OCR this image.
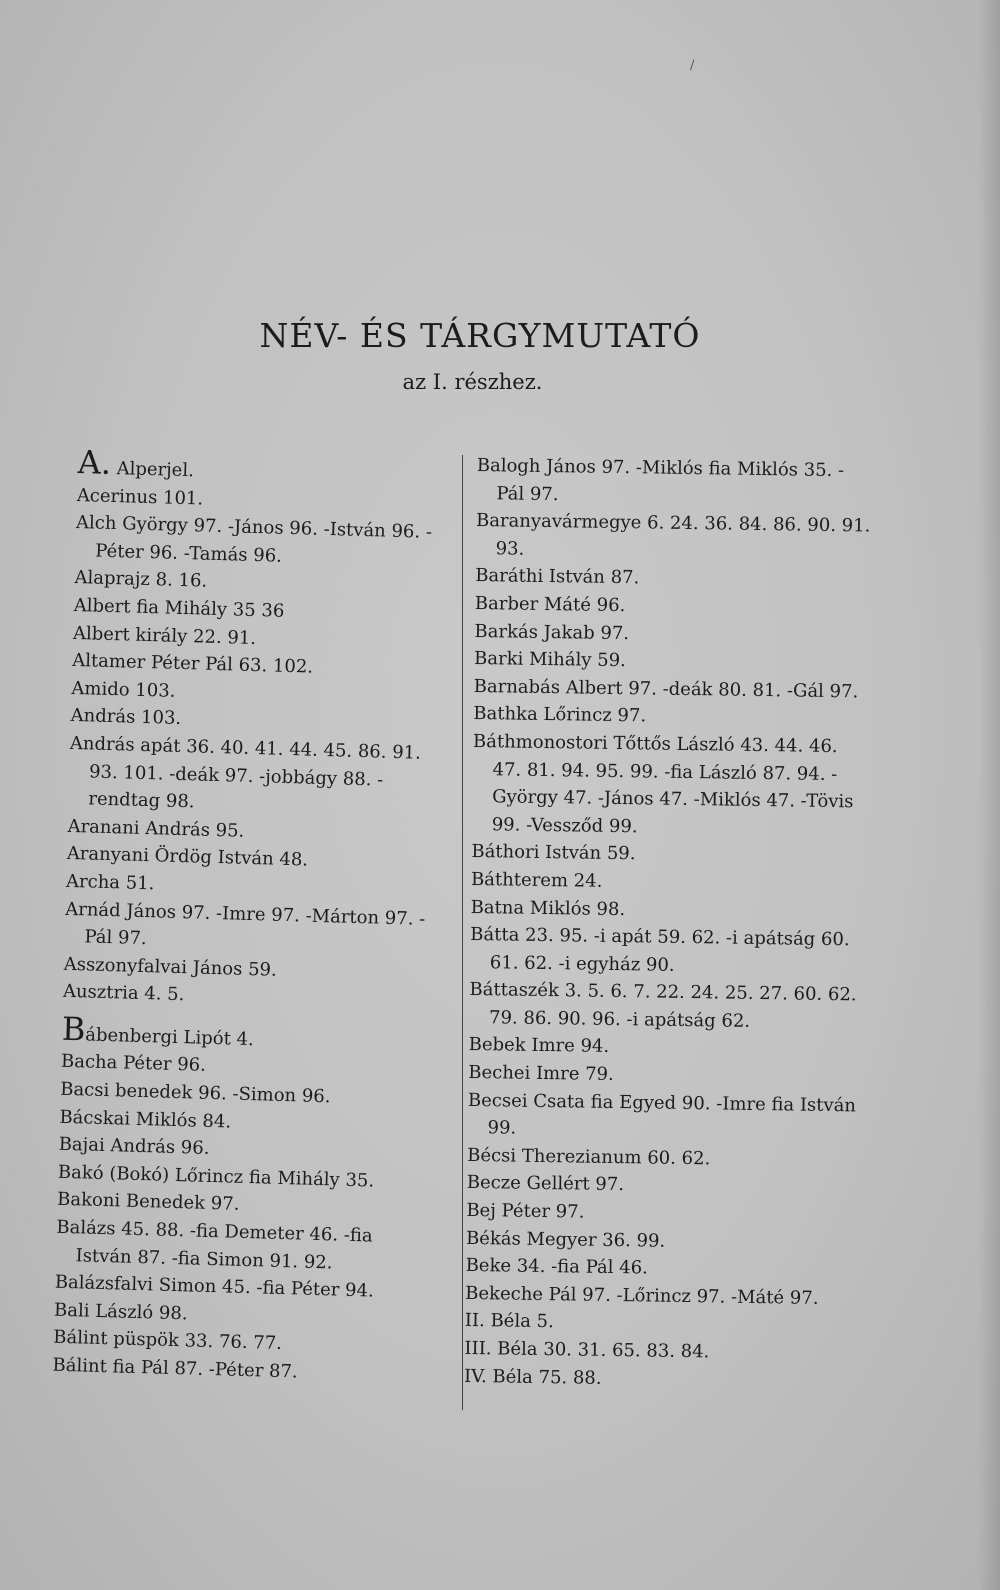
/
NÉV- ÉS TÁRGYMUTATÓ
az I. részhez.
A. Alperjel.
Acerinus 101.
Alch György 97. -János 96. -István 96. -Péter 96. -Tamás 96.
Alaprajz 8. 16.
Albert fia Mihály 35 36
Albert király 22. 91.
Altamer Péter Pál 63. 102.
Amido 103.
András 103.
András apát 36. 40. 41. 44. 45. 86. 91. 93. 101. -deák 97. -jobbágy 88. -rendtag 98.
Aranani András 95.
Aranyani Ördög István 48.
Archa 51.
Arnád János 97. -Imre 97. -Márton 97. -Pál 97.
Asszonyfalvai János 59.
Ausztria 4. 5.
Bábenbergi Lipót 4.
Bacha Péter 96.
Bacsi benedek 96. -Simon 96.
Bácskai Miklós 84.
Bajai András 96.
Bakó (Bokó) Lőrincz fia Mihály 35.
Bakoni Benedek 97.
Balázs 45. 88. -fia Demeter 46. -fia István 87. -fia Simon 91. 92.
Balázsfalvi Simon 45. -fia Péter 94.
Bali László 98.
Bálint püspök 33. 76. 77.
Bálint fia Pál 87. -Péter 87.
Balogh János 97. -Miklós fia Miklós 35. -Pál 97.
Baranyavármegye 6. 24. 36. 84. 86. 90. 91. 93.
Baráthi István 87.
Barber Máté 96.
Barkás Jakab 97.
Barki Mihály 59.
Barnabás Albert 97. -deák 80. 81. -Gál 97.
Bathka Lőrincz 97.
Báthmonostori Tőttős László 43. 44. 46. 47. 81. 94. 95. 99. -fia László 87. 94. -György 47. -János 47. -Miklós 47. -Tövis 99. -Vessződ 99.
Báthori István 59.
Báthterem 24.
Batna Miklós 98.
Bátta 23. 95. -i apát 59. 62. -i apátság 60. 61. 62. -i egyház 90.
Báttaszék 3. 5. 6. 7. 22. 24. 25. 27. 60. 62. 79. 86. 90. 96. -i apátság 62.
Bebek Imre 94.
Bechei Imre 79.
Becsei Csata fia Egyed 90. -Imre fia István 99.
Bécsi Therezianum 60. 62.
Becze Gellért 97.
Bej Péter 97.
Békás Megyer 36. 99.
Beke 34. -fia Pál 46.
Bekeche Pál 97. -Lőrincz 97. -Máté 97.
II. Béla 5.
III. Béla 30. 31. 65. 83. 84.
IV. Béla 75. 88.
